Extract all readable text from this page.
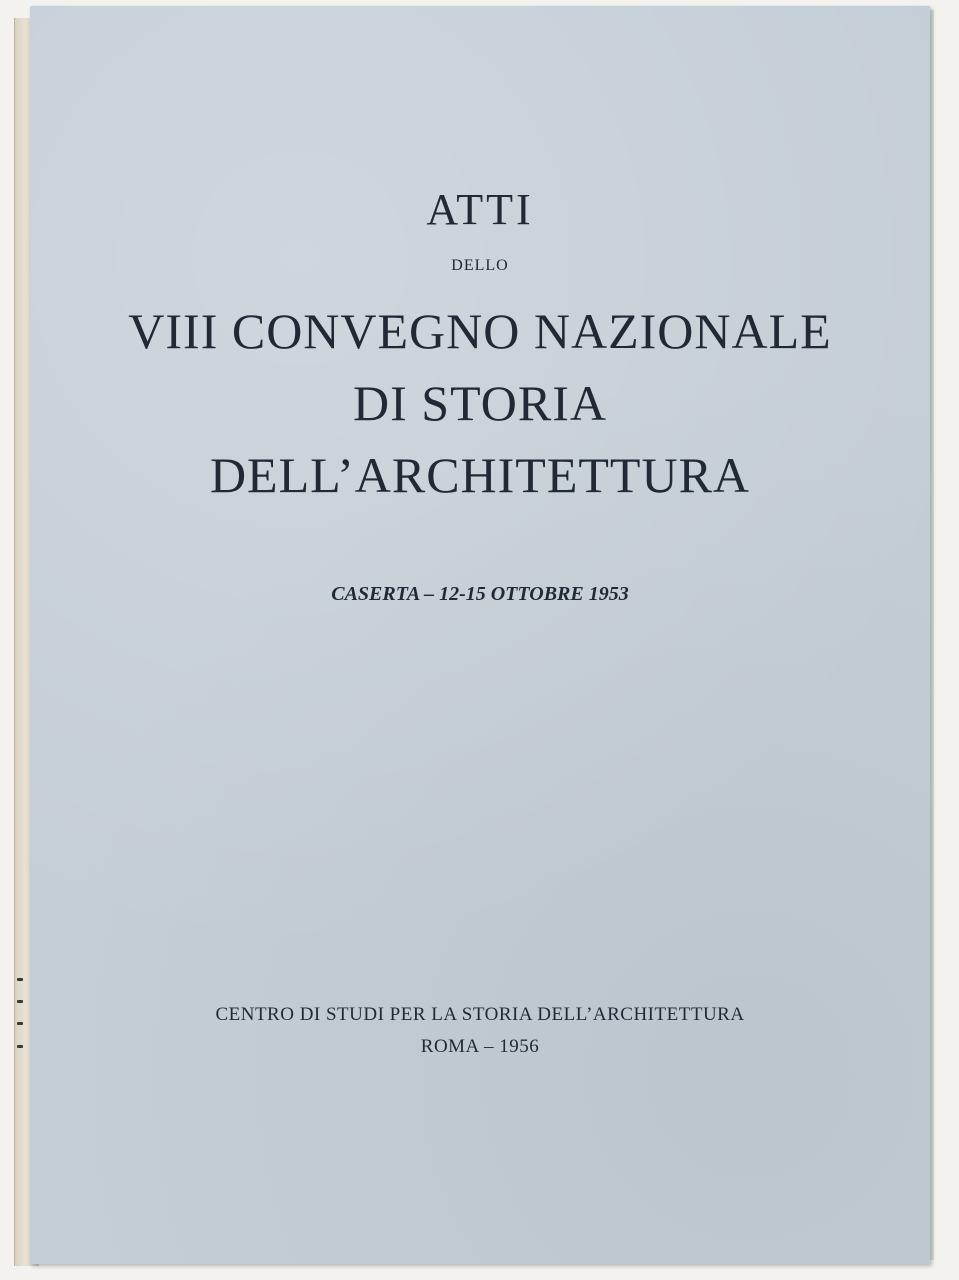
ATTI
DELLO
VIII CONVEGNO NAZIONALE
DI STORIA
DELL’ARCHITETTURA
CASERTA – 12-15 OTTOBRE 1953
CENTRO DI STUDI PER LA STORIA DELL’ARCHITETTURA
ROMA – 1956
